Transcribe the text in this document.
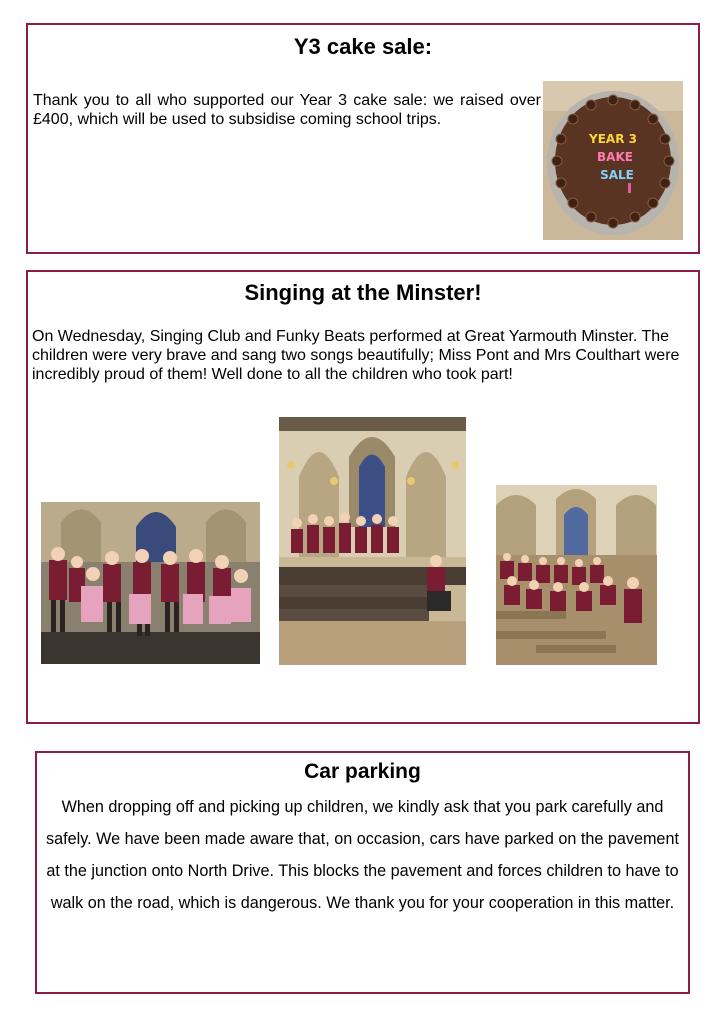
Y3 cake sale:

Thank you to all who supported our Year 3 cake sale: we raised over £400, which will be used to subsidise coming school trips.

YEAR 3
BAKE
SALE
Singing at the Minster!

On Wednesday, Singing Club and Funky Beats performed at Great Yarmouth Minster. The children were very brave and sang two songs beautifully; Miss Pont and Mrs Coulthart were incredibly proud of them! Well done to all the children who took part!

Car parking

When dropping off and picking up children, we kindly ask that you park carefully and safely. We have been made aware that, on occasion, cars have parked on the pavement at the junction onto North Drive. This blocks the pavement and forces children to have to walk on the road, which is dangerous. We thank you for your cooperation in this matter.
